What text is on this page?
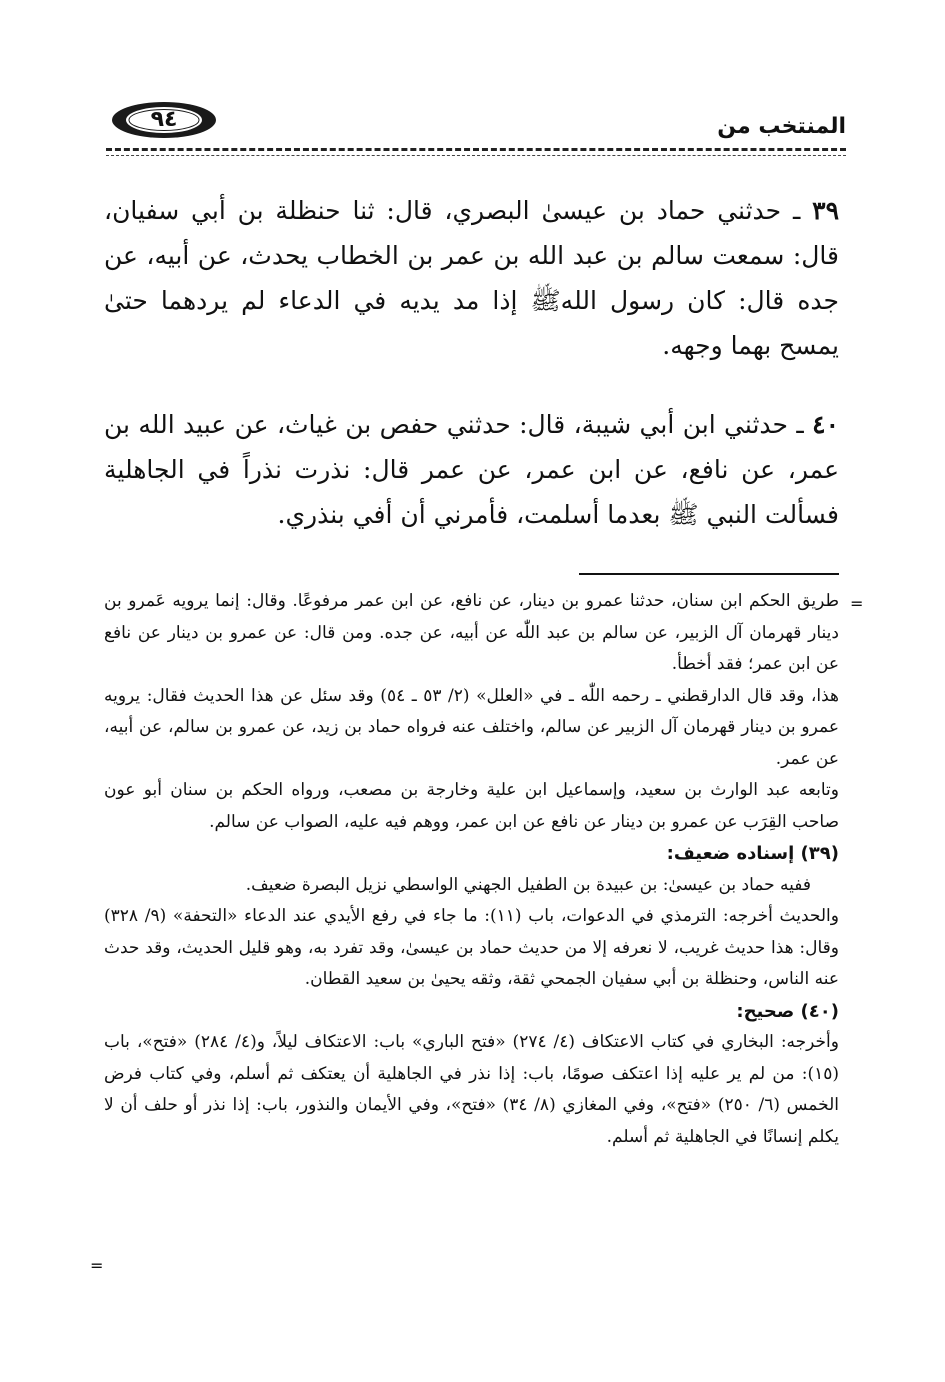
المنتخب من
٩٤

٣٩ ـ حدثني حماد بن عيسىٰ البصري، قال: ثنا حنظلة بن أبي سفيان، قال: سمعت سالم بن عبد الله بن عمر بن الخطاب يحدث، عن أبيه، عن جده قال: كان رسول اللهﷺ إذا مد يديه في الدعاء لم يردهما حتىٰ يمسح بهما وجهه.

٤٠ ـ حدثني ابن أبي شيبة، قال: حدثني حفص بن غياث، عن عبيد الله بن عمر، عن نافع، عن ابن عمر، عن عمر قال: نذرت نذراً في الجاهلية فسألت النبي ﷺ بعدما أسلمت، فأمرني أن أفي بنذري.

=

طريق الحكم ابن سنان، حدثنا عمرو بن دينار، عن نافع، عن ابن عمر مرفوعًا. وقال: إنما يرويه عَمرو بن دينار قهرمان آل الزبير، عن سالم بن عبد اللّٰه عن أبيه، عن جده. ومن قال: عن عمرو بن دينار عن نافع عن ابن عمر؛ فقد أخطأ.

هذا، وقد قال الدارقطني ـ رحمه اللّٰه ـ في «العلل» (٢/ ٥٣ ـ ٥٤) وقد سئل عن هذا الحديث فقال: يرويه عمرو بن دينار قهرمان آل الزبير عن سالم، واختلف عنه فرواه حماد بن زيد، عن عمرو بن سالم، عن أبيه، عن عمر.

وتابعه عبد الوارث بن سعيد، وإسماعيل ابن علية وخارجة بن مصعب، ورواه الحكم بن سنان أبو عون صاحب القِرَب عن عمرو بن دينار عن نافع عن ابن عمر، ووهم فيه عليه، الصواب عن سالم.

(٣٩) إسناده ضعيف:

ففيه حماد بن عيسىٰ: بن عبيدة بن الطفيل الجهني الواسطي نزيل البصرة ضعيف.

والحديث أخرجه: الترمذي في الدعوات، باب (١١): ما جاء في رفع الأيدي عند الدعاء «التحفة» (٩/ ٣٢٨) وقال: هذا حديث غريب، لا نعرفه إلا من حديث حماد بن عيسىٰ، وقد تفرد به، وهو قليل الحديث، وقد حدث عنه الناس، وحنظلة بن أبي سفيان الجمحي ثقة، وثقه يحيىٰ بن سعيد القطان.

(٤٠) صحيح:

وأخرجه: البخاري في كتاب الاعتكاف (٤/ ٢٧٤) «فتح الباري» باب: الاعتكاف ليلاً، و(٤/ ٢٨٤) «فتح»، باب (١٥): من لم ير عليه إذا اعتكف صومًا، باب: إذا نذر في الجاهلية أن يعتكف ثم أسلم، وفي كتاب فرض الخمس (٦/ ٢٥٠) «فتح»، وفي المغازي (٨/ ٣٤) «فتح»، وفي الأيمان والنذور، باب: إذا نذر أو حلف أن لا يكلم إنسانًا في الجاهلية ثم أسلم.

=
